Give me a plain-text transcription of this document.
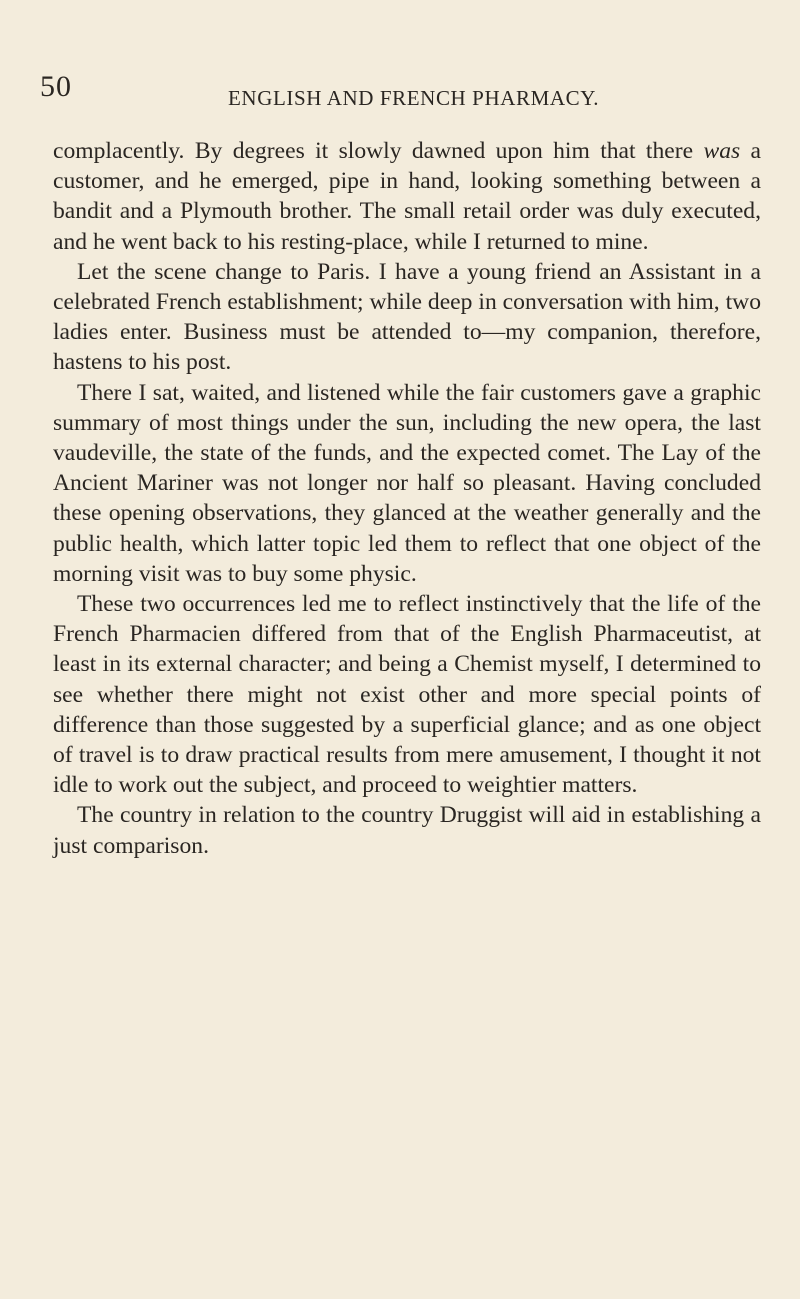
50	ENGLISH AND FRENCH PHARMACY.

complacently. By degrees it slowly dawned upon him that there was a customer, and he emerged, pipe in hand, looking something between a bandit and a Plymouth brother. The small retail order was duly executed, and he went back to his resting-place, while I returned to mine.

Let the scene change to Paris. I have a young friend an Assistant in a celebrated French establishment; while deep in conversation with him, two ladies enter. Business must be attended to—my companion, therefore, hastens to his post.

There I sat, waited, and listened while the fair customers gave a graphic summary of most things under the sun, including the new opera, the last vaudeville, the state of the funds, and the expected comet. The Lay of the Ancient Mariner was not longer nor half so pleasant. Having concluded these opening observations, they glanced at the weather generally and the public health, which latter topic led them to reflect that one object of the morning visit was to buy some physic.

These two occurrences led me to reflect instinctively that the life of the French Pharmacien differed from that of the English Pharmaceutist, at least in its external character; and being a Chemist myself, I determined to see whether there might not exist other and more special points of difference than those suggested by a superficial glance; and as one object of travel is to draw practical results from mere amusement, I thought it not idle to work out the subject, and proceed to weightier matters.

The country in relation to the country Druggist will aid in establishing a just comparison.
